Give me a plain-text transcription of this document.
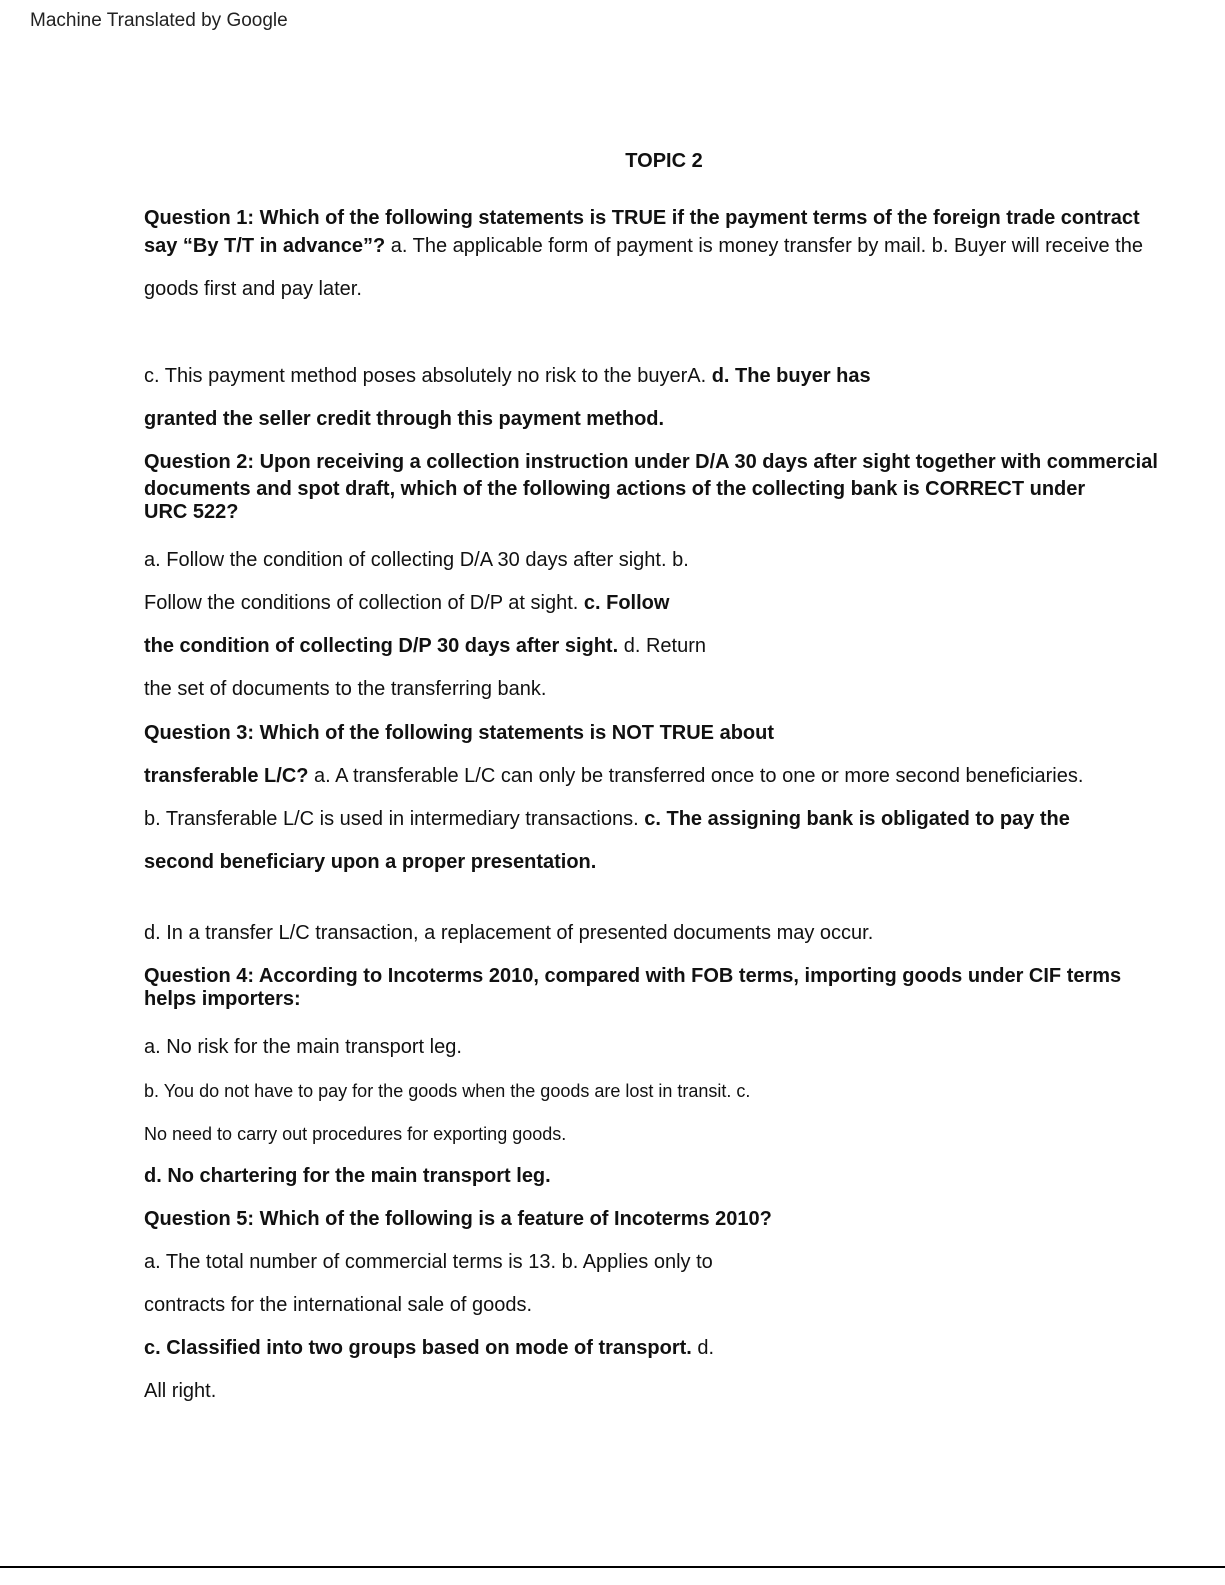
Machine Translated by Google
TOPIC 2
Question 1: Which of the following statements is TRUE if the payment terms of the foreign trade contract
say “By T/T in advance”? a. The applicable form of payment is money transfer by mail. b. Buyer will receive the
goods first and pay later.
c. This payment method poses absolutely no risk to the buyerA. d. The buyer has
granted the seller credit through this payment method.
Question 2: Upon receiving a collection instruction under D/A 30 days after sight together with commercial
documents and spot draft, which of the following actions of the collecting bank is CORRECT under
URC 522?
a. Follow the condition of collecting D/A 30 days after sight. b.
Follow the conditions of collection of D/P at sight. c. Follow
the condition of collecting D/P 30 days after sight. d. Return
the set of documents to the transferring bank.
Question 3: Which of the following statements is NOT TRUE about
transferable L/C? a. A transferable L/C can only be transferred once to one or more second beneficiaries.
b. Transferable L/C is used in intermediary transactions. c. The assigning bank is obligated to pay the
second beneficiary upon a proper presentation.
d. In a transfer L/C transaction, a replacement of presented documents may occur.
Question 4: According to Incoterms 2010, compared with FOB terms, importing goods under CIF terms
helps importers:
a. No risk for the main transport leg.
b. You do not have to pay for the goods when the goods are lost in transit. c.
No need to carry out procedures for exporting goods.
d. No chartering for the main transport leg.
Question 5: Which of the following is a feature of Incoterms 2010?
a. The total number of commercial terms is 13. b. Applies only to
contracts for the international sale of goods.
c. Classified into two groups based on mode of transport. d.
All right.
